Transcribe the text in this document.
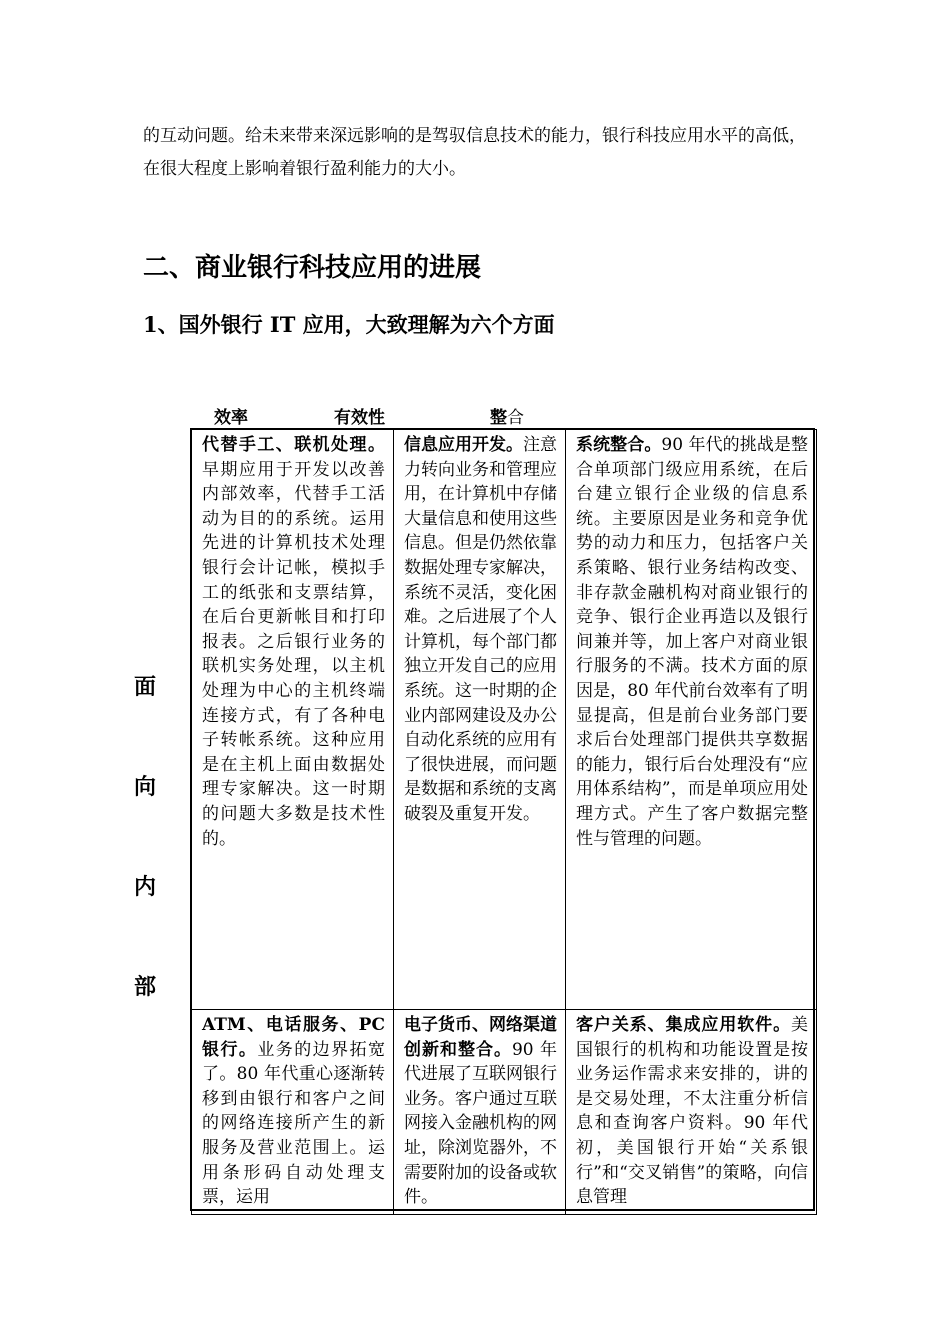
的互动问题。给未来带来深远影响的是驾驭信息技术的能力，银行科技应用水平的高低，在很大程度上影响着银行盈利能力的大小。

二、商业银行科技应用的进展
1、国外银行 IT 应用，大致理解为六个方面
效率	有效性	整合
面
向
内
部
代替手工、联机处理。早期应用于开发以改善内部效率，代替手工活动为目的的系统。运用先进的计算机技术处理银行会计记帐，模拟手工的纸张和支票结算，在后台更新帐目和打印报表。之后银行业务的联机实务处理，以主机处理为中心的主机终端连接方式，有了各种电子转帐系统。这种应用是在主机上面由数据处理专家解决。这一时期的问题大多数是技术性的。	信息应用开发。注意力转向业务和管理应用，在计算机中存储大量信息和使用这些信息。但是仍然依靠数据处理专家解决，系统不灵活，变化困难。之后进展了个人计算机，每个部门都独立开发自己的应用系统。这一时期的企业内部网建设及办公自动化系统的应用有了很快进展，而问题是数据和系统的支离破裂及重复开发。	系统整合。90 年代的挑战是整合单项部门级应用系统，在后台建立银行企业级的信息系统。主要原因是业务和竞争优势的动力和压力，包括客户关系策略、银行业务结构改变、非存款金融机构对商业银行的竞争、银行企业再造以及银行间兼并等，加上客户对商业银行服务的不满。技术方面的原因是，80 年代前台效率有了明显提高，但是前台业务部门要求后台处理部门提供共享数据的能力，银行后台处理没有“应用体系结构”，而是单项应用处理方式。产生了客户数据完整性与管理的问题。
ATM、电话服务、PC 银行。业务的边界拓宽了。80 年代重心逐渐转移到由银行和客户之间的网络连接所产生的新服务及营业范围上。运用条形码自动处理支票，运用	电子货币、网络渠道创新和整合。90 年代进展了互联网银行业务。客户通过互联网接入金融机构的网址，除浏览器外，不需要附加的设备或软件。	客户关系、集成应用软件。美国银行的机构和功能设置是按业务运作需求来安排的，讲的是交易处理，不太注重分析信息和查询客户资料。90 年代初，美国银行开始“关系银行”和“交叉销售”的策略，向信息管理
